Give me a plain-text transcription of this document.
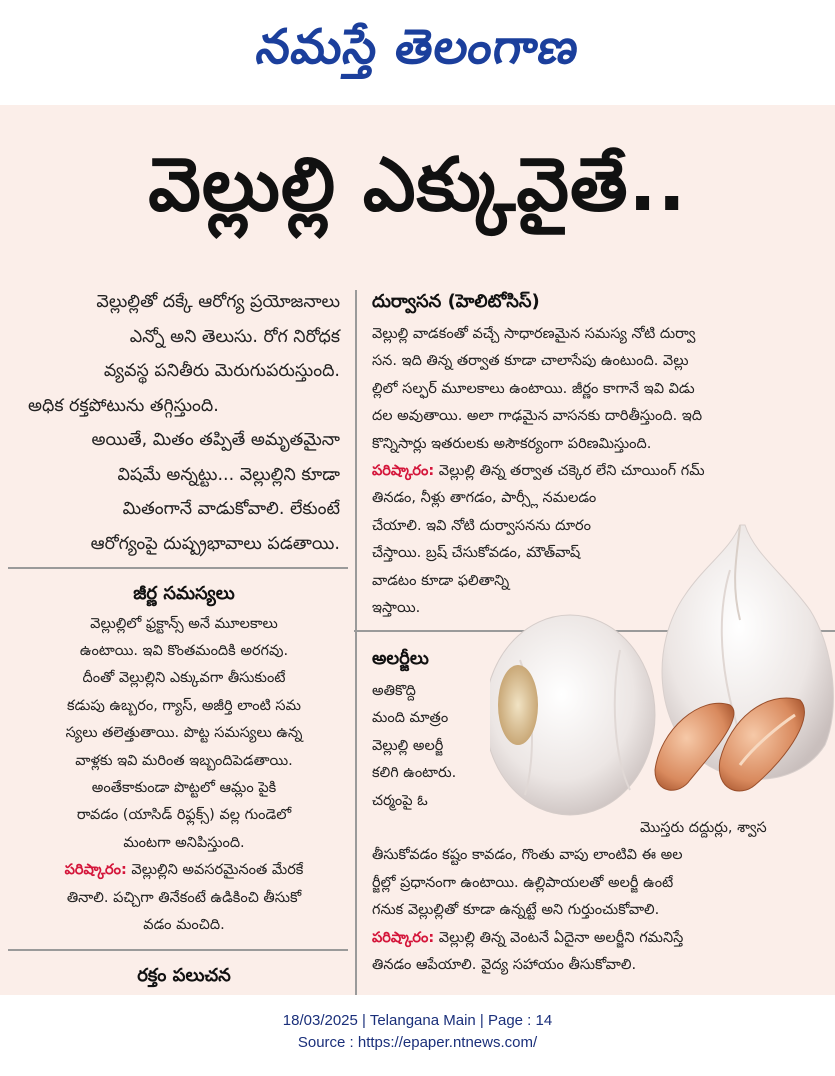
నమస్తే తెలంగాణ
వెల్లుల్లి ఎక్కువైతే..

వెల్లుల్లితో దక్కే ఆరోగ్య ప్రయోజనాలు

ఎన్నో అని తెలుసు. రోగ నిరోధక

వ్యవస్థ పనితీరు మెరుగుపరుస్తుంది.

అధిక రక్తపోటును తగ్గిస్తుంది.

అయితే, మితం తప్పితే అమృతమైనా

విషమే అన్నట్టు... వెల్లుల్లిని కూడా

మితంగానే వాడుకోవాలి. లేకుంటే

ఆరోగ్యంపై దుష్ప్రభావాలు పడతాయి.

జీర్ణ సమస్యలు
వెల్లుల్లిలో ఫ్రక్టాన్స్ అనే మూలకాలు
ఉంటాయి. ఇవి కొంతమందికి అరగవు.
దీంతో వెల్లుల్లిని ఎక్కువగా తీసుకుంటే
కడుపు ఉబ్బరం, గ్యాస్, అజీర్తి లాంటి సమ
స్యలు తలెత్తుతాయి. పొట్ట సమస్యలు ఉన్న
వాళ్లకు ఇవి మరింత ఇబ్బందిపెడతాయి.
అంతేకాకుండా పొట్టలో ఆమ్లం పైకి
రావడం (యాసిడ్ రిఫ్లక్స్) వల్ల గుండెలో
మంటగా అనిపిస్తుంది.
పరిష్కారం: వెల్లుల్లిని అవసరమైనంత మేరకే
తినాలి. పచ్చిగా తినేకంటే ఉడికించి తీసుకో
వడం మంచిది.
రక్తం పలుచన
దుర్వాసన (హెలిటోసిస్)
వెల్లుల్లి వాడకంతో వచ్చే సాధారణమైన సమస్య నోటి దుర్వా
సన. ఇది తిన్న తర్వాత కూడా చాలాసేపు ఉంటుంది. వెల్లు
ల్లిలో సల్ఫర్ మూలకాలు ఉంటాయి. జీర్ణం కాగానే ఇవి విడు
దల అవుతాయి. అలా గాఢమైన వాసనకు దారితీస్తుంది. ఇది
కొన్నిసార్లు ఇతరులకు అసౌకర్యంగా పరిణమిస్తుంది.
పరిష్కారం: వెల్లుల్లి తిన్న తర్వాత చక్కెర లేని చూయింగ్ గమ్
తినడం, నీళ్లు తాగడం, పార్స్లీ నమలడం
చేయాలి. ఇవి నోటి దుర్వాసనను దూరం
చేస్తాయి. బ్రష్ చేసుకోవడం, మౌత్‌వాష్
వాడటం కూడా ఫలితాన్ని
ఇస్తాయి.
అలర్జీలు
అతికొద్ది
మంది మాత్రం
వెల్లుల్లి అలర్జీ
కలిగి ఉంటారు.
చర్మంపై ఓ
మొస్తరు దద్దుర్లు, శ్వాస
తీసుకోవడం కష్టం కావడం, గొంతు వాపు లాంటివి ఈ అల
ర్జీల్లో ప్రధానంగా ఉంటాయి. ఉల్లిపాయలతో అలర్జీ ఉంటే
గనుక వెల్లుల్లితో కూడా ఉన్నట్టే అని గుర్తుంచుకోవాలి.
పరిష్కారం: వెల్లుల్లి తిన్న వెంటనే ఏదైనా అలర్జీని గమనిస్తే
తినడం ఆపేయాలి. వైద్య సహాయం తీసుకోవాలి.
18/03/2025 | Telangana Main | Page : 14
Source : https://epaper.ntnews.com/
